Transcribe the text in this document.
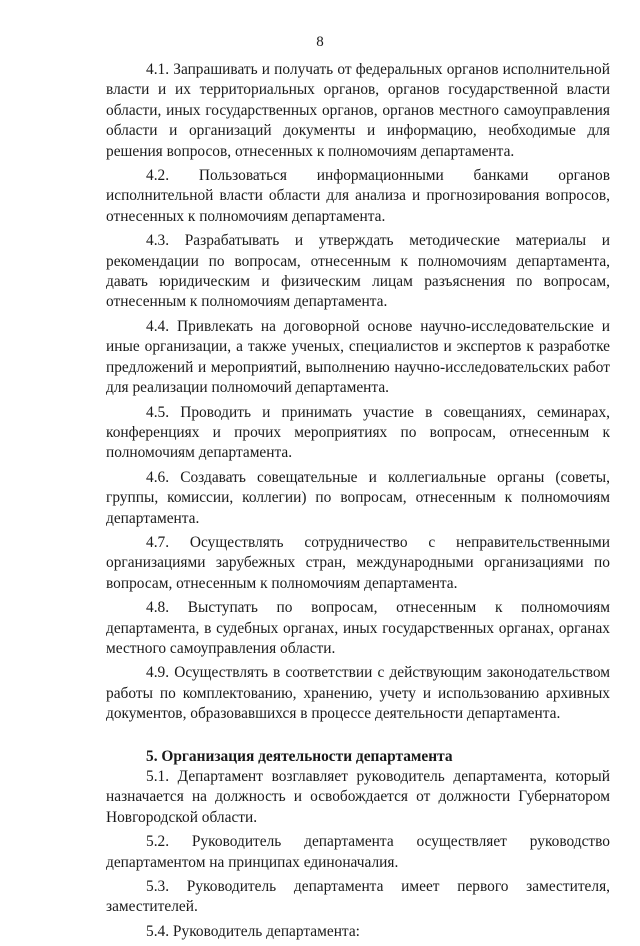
8

4.1. Запрашивать и получать от федеральных органов исполнительной власти и их территориальных органов, органов государственной власти области, иных государственных органов, органов местного самоуправления области и организаций документы и информацию, необходимые для решения вопросов, отнесенных к полномочиям департамента.

4.2. Пользоваться информационными банками органов исполнительной власти области для анализа и прогнозирования вопросов, отнесенных к полномочиям департамента.

4.3. Разрабатывать и утверждать методические материалы и рекомендации по вопросам, отнесенным к полномочиям департамента, давать юридическим и физическим лицам разъяснения по вопросам, отнесенным к полномочиям департамента.

4.4. Привлекать на договорной основе научно-исследовательские и иные организации, а также ученых, специалистов и экспертов к разработке предложений и мероприятий, выполнению научно-исследовательских работ для реализации полномочий департамента.

4.5. Проводить и принимать участие в совещаниях, семинарах, конференциях и прочих мероприятиях по вопросам, отнесенным к полномочиям департамента.

4.6. Создавать совещательные и коллегиальные органы (советы, группы, комиссии, коллегии) по вопросам, отнесенным к полномочиям департамента.

4.7. Осуществлять сотрудничество с неправительственными организациями зарубежных стран, международными организациями по вопросам, отнесенным к полномочиям департамента.

4.8. Выступать по вопросам, отнесенным к полномочиям департамента, в судебных органах, иных государственных органах, органах местного самоуправления области.

4.9. Осуществлять в соответствии с действующим законодательством работы по комплектованию, хранению, учету и использованию архивных документов, образовавшихся в процессе деятельности департамента.

5. Организация деятельности департамента

5.1. Департамент возглавляет руководитель департамента, который назначается на должность и освобождается от должности Губернатором Новгородской области.

5.2. Руководитель департамента осуществляет руководство департаментом на принципах единоначалия.

5.3. Руководитель департамента имеет первого заместителя, заместителей.

5.4. Руководитель департамента:
